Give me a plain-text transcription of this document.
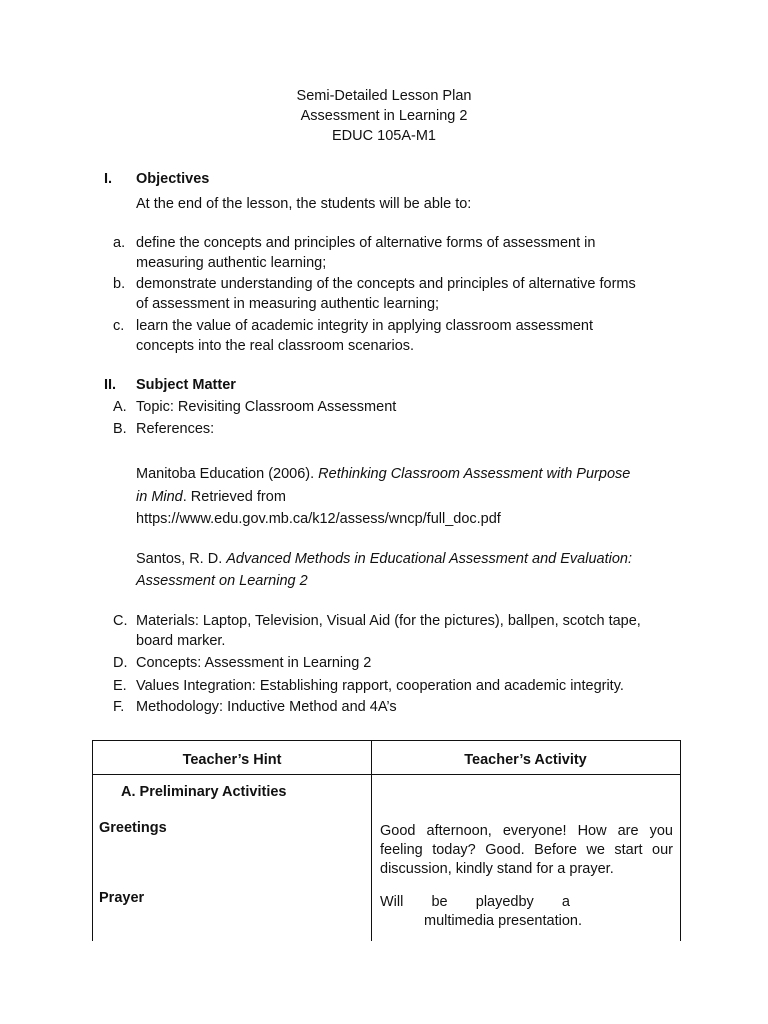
Semi-Detailed Lesson Plan
Assessment in Learning 2
EDUC 105A-M1
I. Objectives
At the end of the lesson, the students will be able to:
a. define the concepts and principles of alternative forms of assessment in
measuring authentic learning;
b. demonstrate understanding of the concepts and principles of alternative forms
of assessment in measuring authentic learning;
c. learn the value of academic integrity in applying classroom assessment
concepts into the real classroom scenarios.
II. Subject Matter
A. Topic: Revisiting Classroom Assessment
B. References:
Manitoba Education (2006). Rethinking Classroom Assessment with Purpose
in Mind. Retrieved from
https://www.edu.gov.mb.ca/k12/assess/wncp/full_doc.pdf
Santos, R. D. Advanced Methods in Educational Assessment and Evaluation:
Assessment on Learning 2
C. Materials: Laptop, Television, Visual Aid (for the pictures), ballpen, scotch tape,
board marker.
D. Concepts: Assessment in Learning 2
E. Values Integration: Establishing rapport, cooperation and academic integrity.
F. Methodology: Inductive Method and 4A’s
Teacher’s Hint	Teacher’s Activity
A. Preliminary Activities
Greetings	Good afternoon, everyone! How are you feeling today? Good. Before we start our discussion, kindly stand for a prayer.
Prayer	Will be playedby a
multimedia presentation.
